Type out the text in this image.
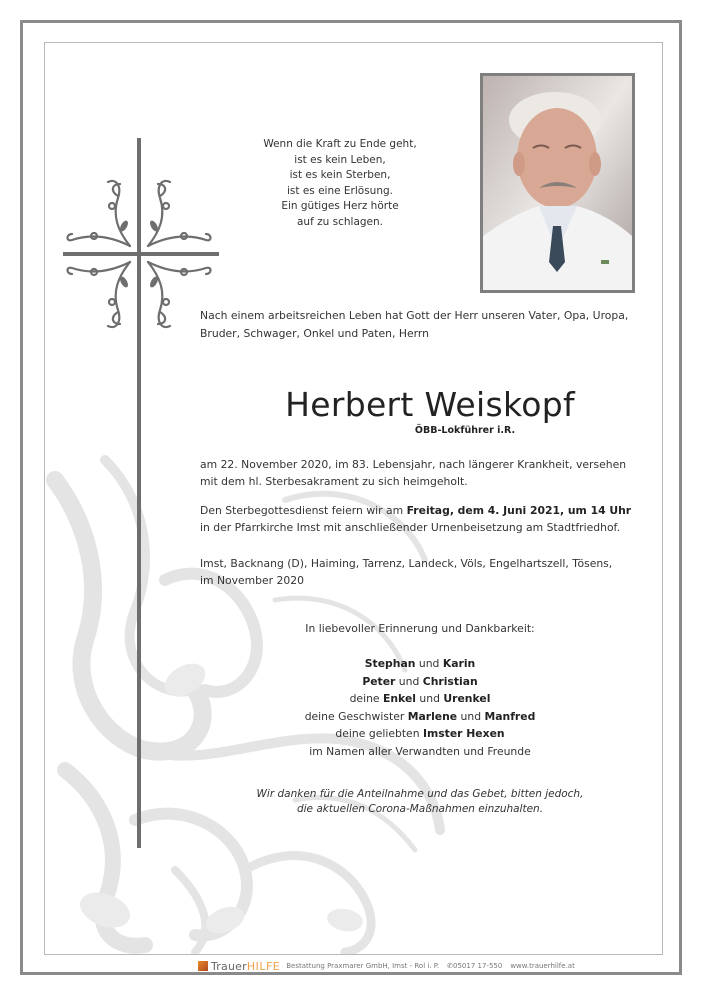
Wenn die Kraft zu Ende geht,
ist es kein Leben,
ist es kein Sterben,
ist es eine Erlösung.
Ein gütiges Herz hörte
auf zu schlagen.
Nach einem arbeitsreichen Leben hat Gott der Herr unseren Vater, Opa, Uropa,
Bruder, Schwager, Onkel und Paten, Herrn
Herbert Weiskopf
ÖBB-Lokführer i.R.
am 22. November 2020, im 83. Lebensjahr, nach längerer Krankheit, versehen
mit dem hl. Sterbesakrament zu sich heimgeholt.
Den Sterbegottesdienst feiern wir am Freitag, dem 4. Juni 2021, um 14 Uhr
in der Pfarrkirche Imst mit anschließender Urnenbeisetzung am Stadtfriedhof.
Imst, Backnang (D), Haiming, Tarrenz, Landeck, Völs, Engelhartszell, Tösens,
im November 2020
In liebevoller Erinnerung und Dankbarkeit:
Stephan und Karin
Peter und Christian
deine Enkel und Urenkel
deine Geschwister Marlene und Manfred
deine geliebten Imster Hexen
im Namen aller Verwandten und Freunde
Wir danken für die Anteilnahme und das Gebet, bitten jedoch,
die aktuellen Corona-Maßnahmen einzuhalten.
Trauer HILFE Bestattung Praxmarer GmbH, Imst - Rol i. P. ✆ 05017 17-550 www.trauerhilfe.at
